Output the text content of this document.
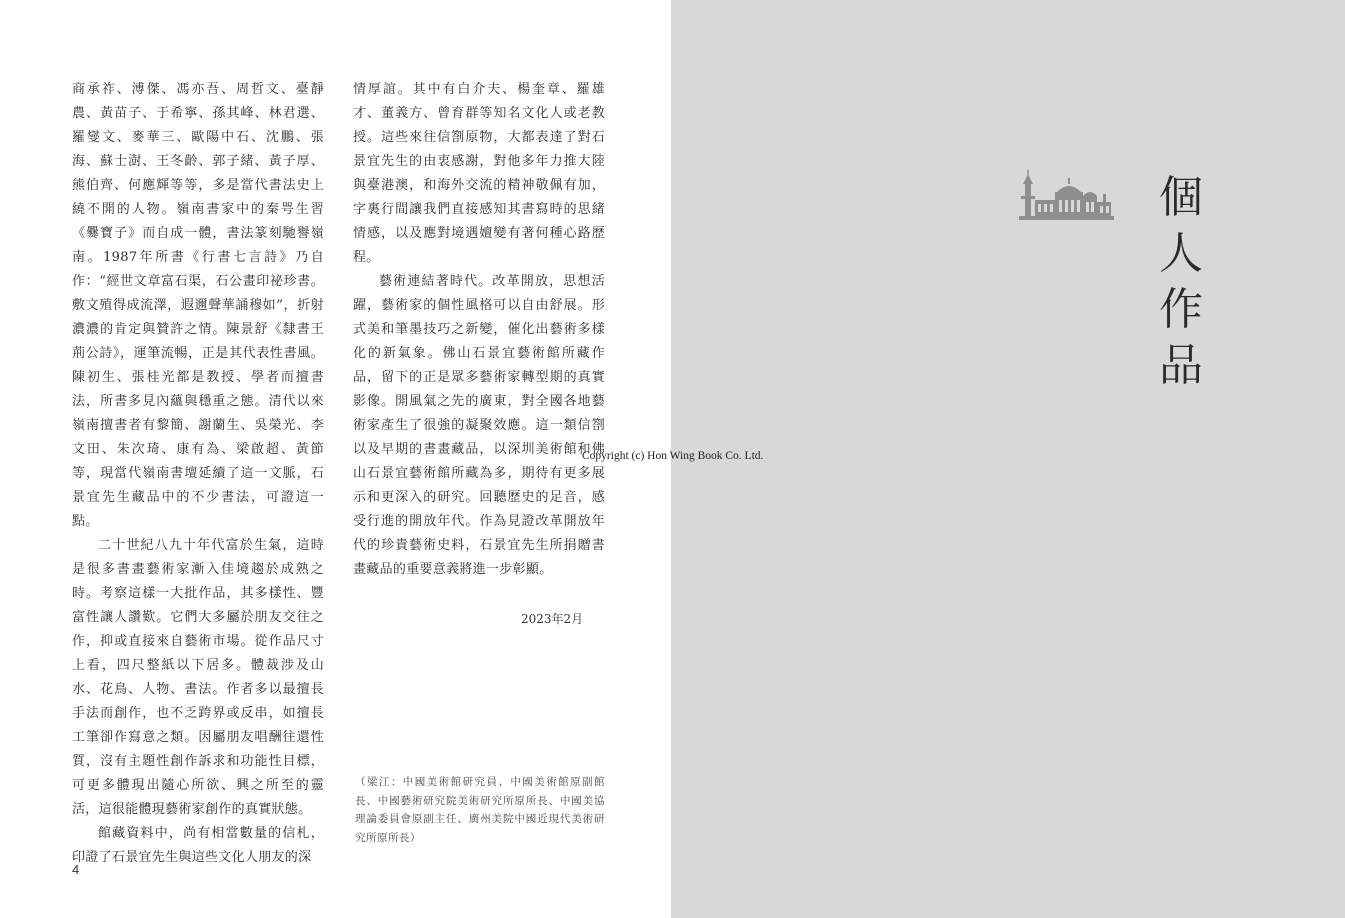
商承祚、溥傑、馮亦吾、周哲文、臺靜農、黃苗子、于希寧、孫其峰、林君選、羅燮文、麥華三、歐陽中石、沈鵬、張海、蘇士澍、王冬齡、郭子緒、黃子厚、熊伯齊、何應輝等等，多是當代書法史上繞不開的人物。嶺南書家中的秦咢生習《爨寶子》而自成一體，書法篆刻馳譽嶺南。1987年所書《行書七言詩》乃自作：“經世文章富石渠，石公畫印祕珍書。敷文殖得成流澤，遐邇聲華誦穆如”，折射濃濃的肯定與贊許之情。陳景舒《隸書王荊公詩》，運筆流暢，正是其代表性書風。陳初生、張桂光都是教授、學者而擅書法，所書多見內蘊與穩重之態。清代以來嶺南擅書者有黎簡、謝蘭生、吳榮光、李文田、朱次琦、康有為、梁啟超、黃節等，現當代嶺南書壇延續了這一文脈，石景宜先生藏品中的不少書法，可證這一點。

二十世紀八九十年代富於生氣，這時是很多書畫藝術家漸入佳境趨於成熟之時。考察這樣一大批作品，其多樣性、豐富性讓人讚歎。它們大多屬於朋友交往之作，抑或直接來自藝術市場。從作品尺寸上看，四尺整紙以下居多。體裁涉及山水、花鳥、人物、書法。作者多以最擅長手法而創作，也不乏跨界或反串，如擅長工筆卻作寫意之類。因屬朋友唱酬往還性質，沒有主題性創作訴求和功能性目標，可更多體現出隨心所欲、興之所至的靈活，這很能體現藝術家創作的真實狀態。

館藏資料中，尚有相當數量的信札，印證了石景宜先生與這些文化人朋友的深

情厚誼。其中有白介夫、楊奎章、羅雄才、董義方、曾育群等知名文化人或老教授。這些來往信劄原物，大都表達了對石景宜先生的由衷感謝，對他多年力推大陸與臺港澳，和海外交流的精神敬佩有加，字裏行間讓我們直接感知其書寫時的思緒情感，以及應對境遇嬗變有著何種心路歷程。

藝術連結著時代。改革開放，思想活躍，藝術家的個性風格可以自由舒展。形式美和筆墨技巧之新變，催化出藝術多樣化的新氣象。佛山石景宜藝術館所藏作品，留下的正是眾多藝術家轉型期的真實影像。開風氣之先的廣東，對全國各地藝術家產生了很強的凝聚效應。這一類信劄以及早期的書畫藏品，以深圳美術館和佛山石景宜藝術館所藏為多，期待有更多展示和更深入的研究。回聽歷史的足音，感受行進的開放年代。作為見證改革開放年代的珍貴藝術史料，石景宜先生所捐贈書畫藏品的重要意義將進一步彰顯。

2023年2月
（梁江：中國美術館研究員、中國美術館原副館長、中國藝術研究院美術研究所原所長、中國美協理論委員會原副主任、廣州美院中國近現代美術研究所原所長）
4
Copyright (c) Hon Wing Book Co. Ltd.
個
人
作
品
